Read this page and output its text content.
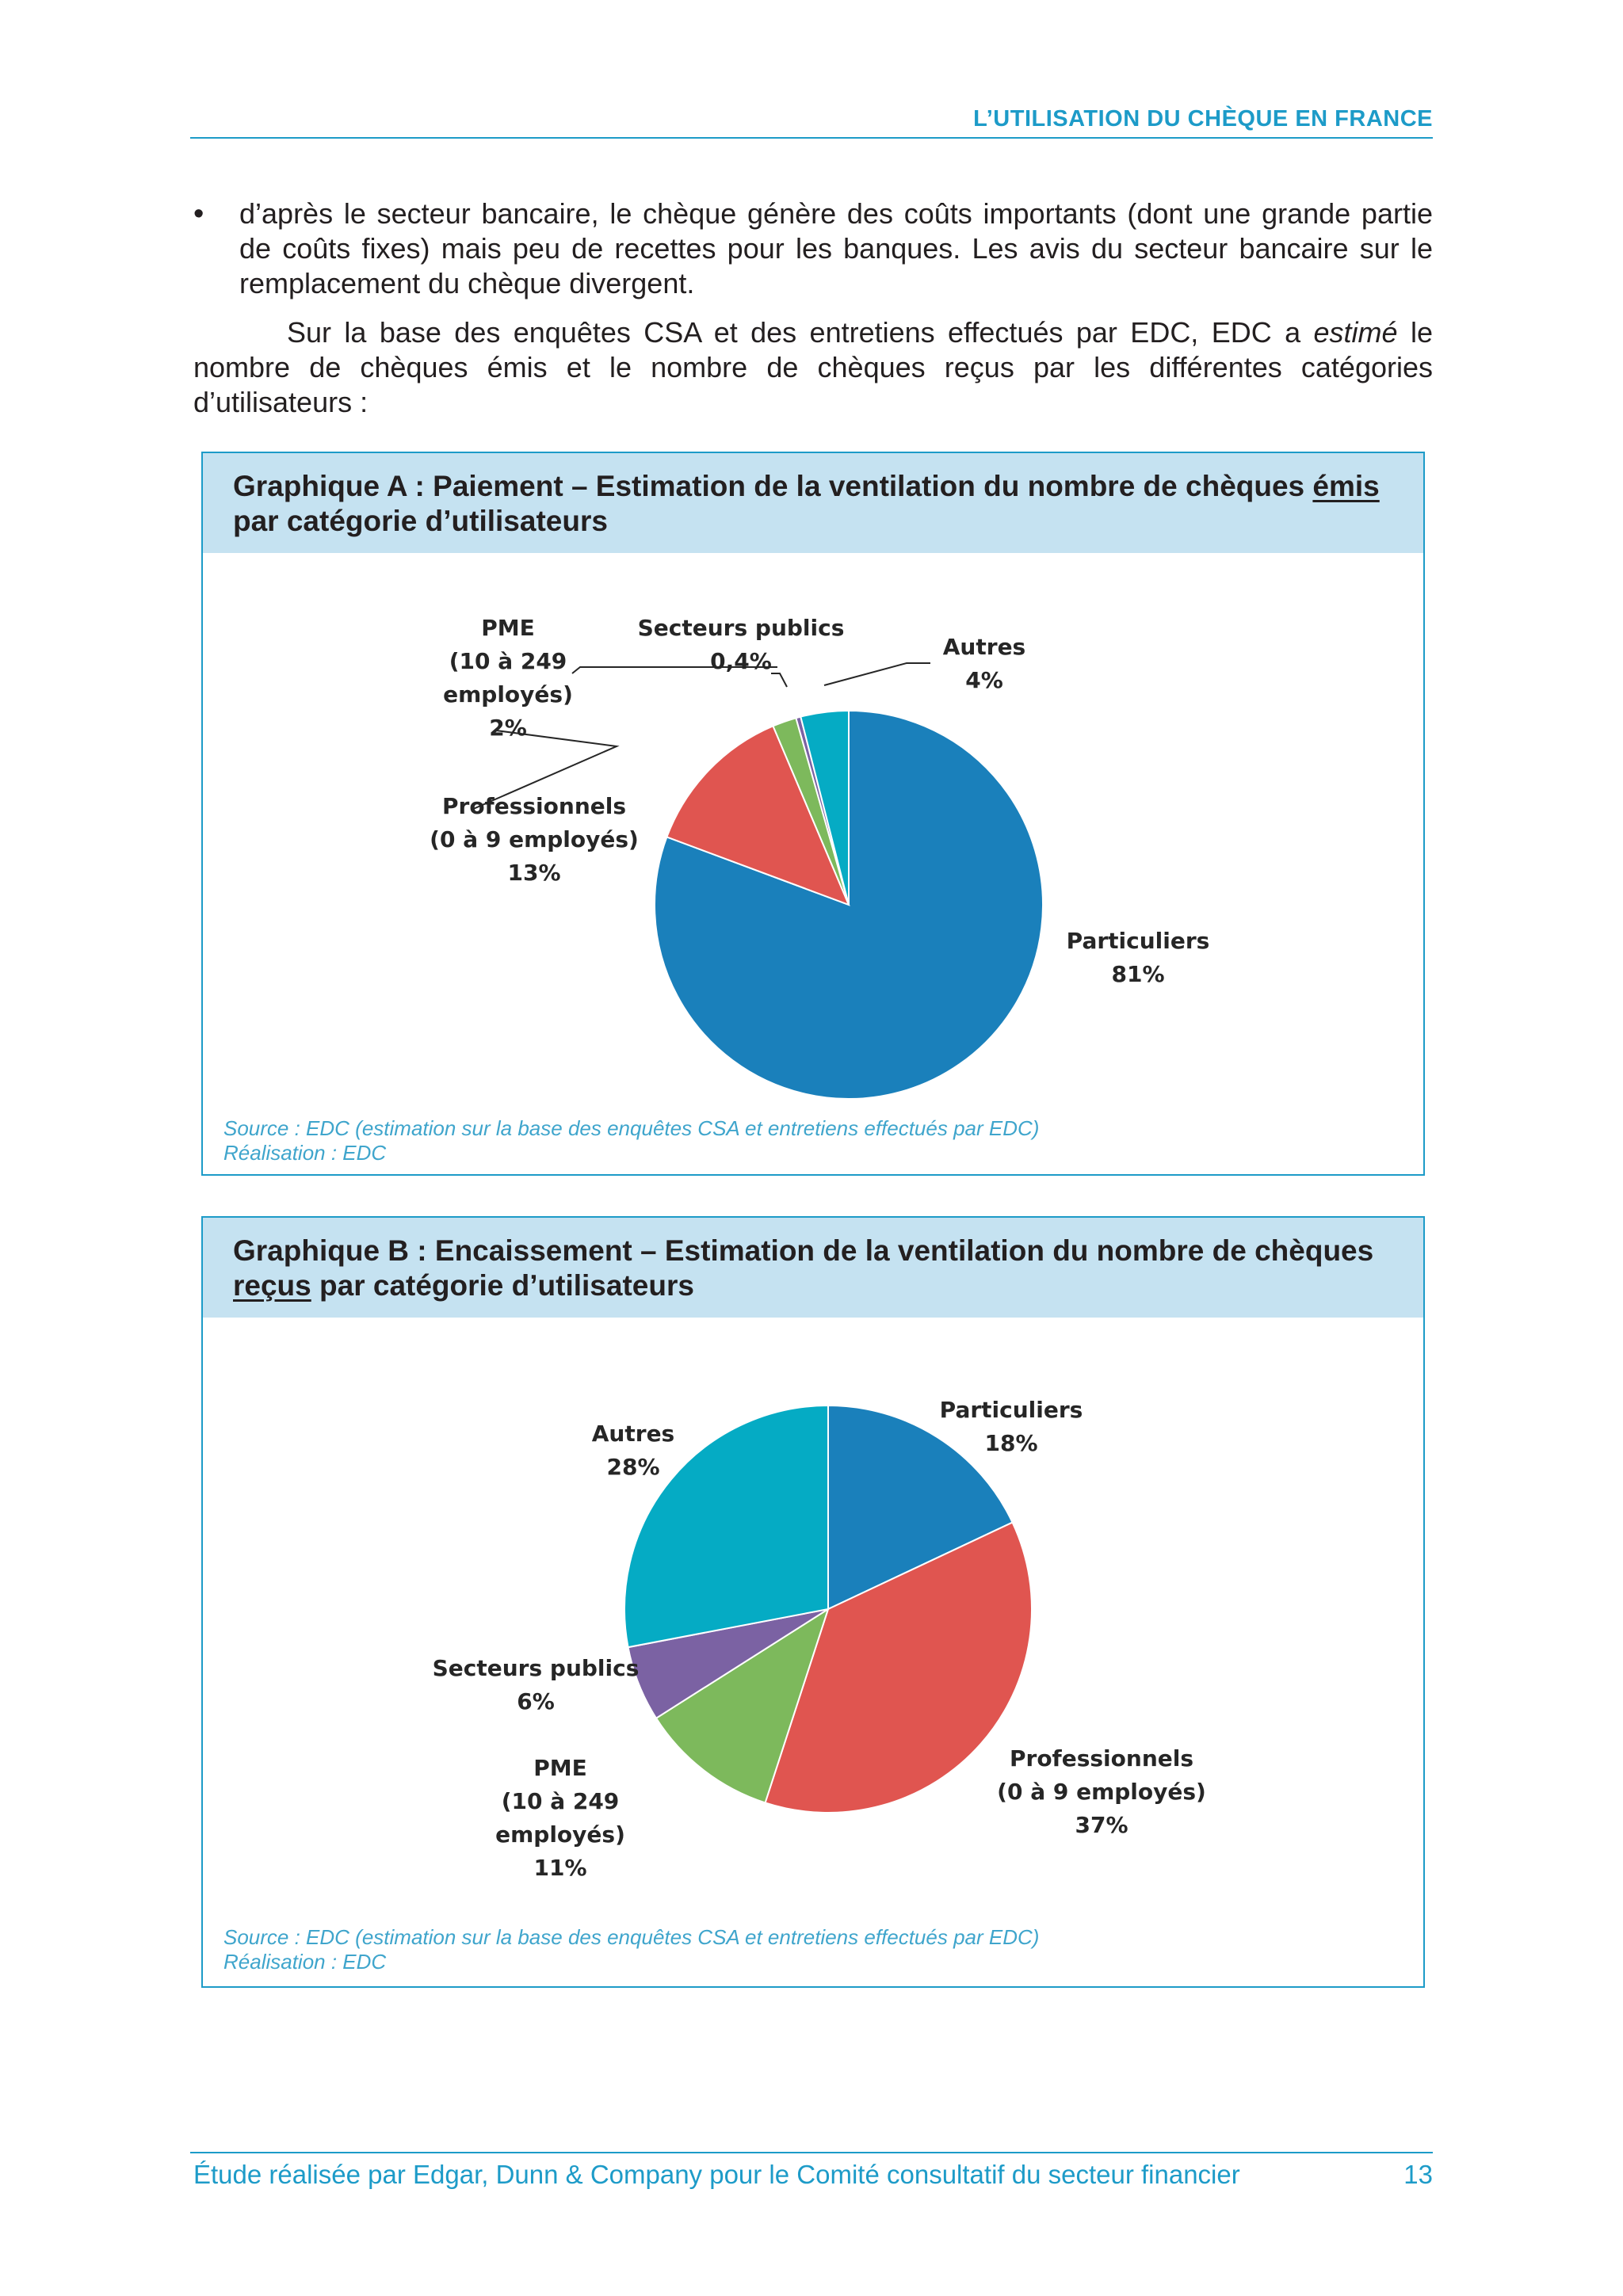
L’UTILISATION DU CHÈQUE EN FRANCE
• d’après le secteur bancaire, le chèque génère des coûts importants (dont une grande partie de coûts fixes) mais peu de recettes pour les banques. Les avis du secteur bancaire sur le remplacement du chèque divergent.
Sur la base des enquêtes CSA et des entretiens effectués par EDC, EDC a estimé le nombre de chèques émis et le nombre de chèques reçus par les différentes catégories d’utilisateurs :
Graphique A : Paiement – Estimation de la ventilation du nombre de chèques émis par catégorie d’utilisateurs
Particuliers 81%
Professionnels (0 à 9 employés) 13%
PME (10 à 249 employés) 2%
Secteurs publics 0,4%
Autres 4%
Source : EDC (estimation sur la base des enquêtes CSA et entretiens effectués par EDC)
Réalisation : EDC
Graphique B : Encaissement – Estimation de la ventilation du nombre de chèques reçus par catégorie d’utilisateurs
Particuliers 18%
Professionnels (0 à 9 employés) 37%
PME (10 à 249 employés) 11%
Secteurs publics 6%
Autres 28%
Source : EDC (estimation sur la base des enquêtes CSA et entretiens effectués par EDC)
Réalisation : EDC
Étude réalisée par Edgar, Dunn & Company pour le Comité consultatif du secteur financier	13
